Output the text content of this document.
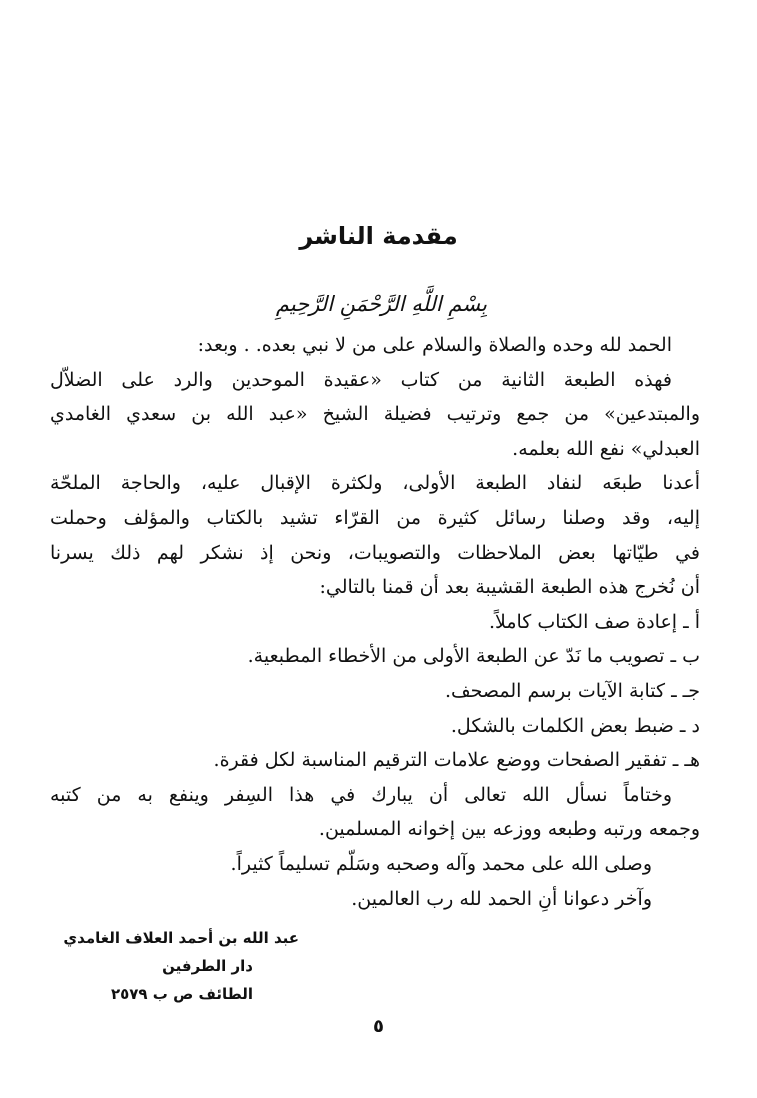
مقدمة الناشر
بِسْمِ اللَّهِ الرَّحْمَنِ الرَّحِيمِ
الحمد لله وحده والصلاة والسلام على من لا نبي بعده. . وبعد:
فهذه الطبعة الثانية من كتاب «عقيدة الموحدين والرد على الضلاّل
والمبتدعين» من جمع وترتيب فضيلة الشيخ «عبد الله بن سعدي الغامدي
العبدلي» نفع الله بعلمه.
أعدنا طبعَه لنفاد الطبعة الأولى، ولكثرة الإقبال عليه، والحاجة الملحّة
إليه، وقد وصلنا رسائل كثيرة من القرّاء تشيد بالكتاب والمؤلف وحملت
في طيّاتها بعض الملاحظات والتصويبات، ونحن إذ نشكر لهم ذلك يسرنا
أن نُخرج هذه الطبعة القشيبة بعد أن قمنا بالتالي:
أ ـ إعادة صف الكتاب كاملاً.
ب ـ تصويب ما نَدّ عن الطبعة الأولى من الأخطاء المطبعية.
جـ ـ كتابة الآيات برسم المصحف.
د ـ ضبط بعض الكلمات بالشكل.
هـ ـ تفقير الصفحات ووضع علامات الترقيم المناسبة لكل فقرة.
وختاماً نسأل الله تعالى أن يبارك في هذا السِفر وينفع به من كتبه
وجمعه ورتبه وطبعه ووزعه بين إخوانه المسلمين.
وصلى الله على محمد وآله وصحبه وسَلّم تسليماً كثيراً.
وآخر دعوانا أنِ الحمد لله رب العالمين.
عبد الله بن أحمد العلاف الغامدي
دار الطرفين
الطائف ص ب ٢٥٧٩
٥
